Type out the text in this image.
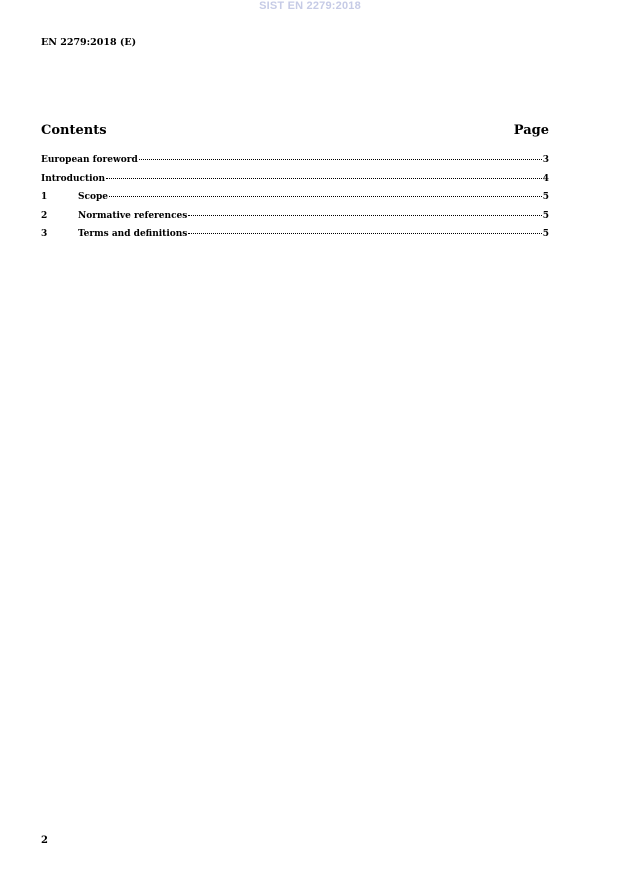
SIST EN 2279:2018
EN 2279:2018 (E)
Contents	Page
European foreword	3
Introduction	4
1	Scope	5
2	Normative references	5
3	Terms and definitions	5
2
